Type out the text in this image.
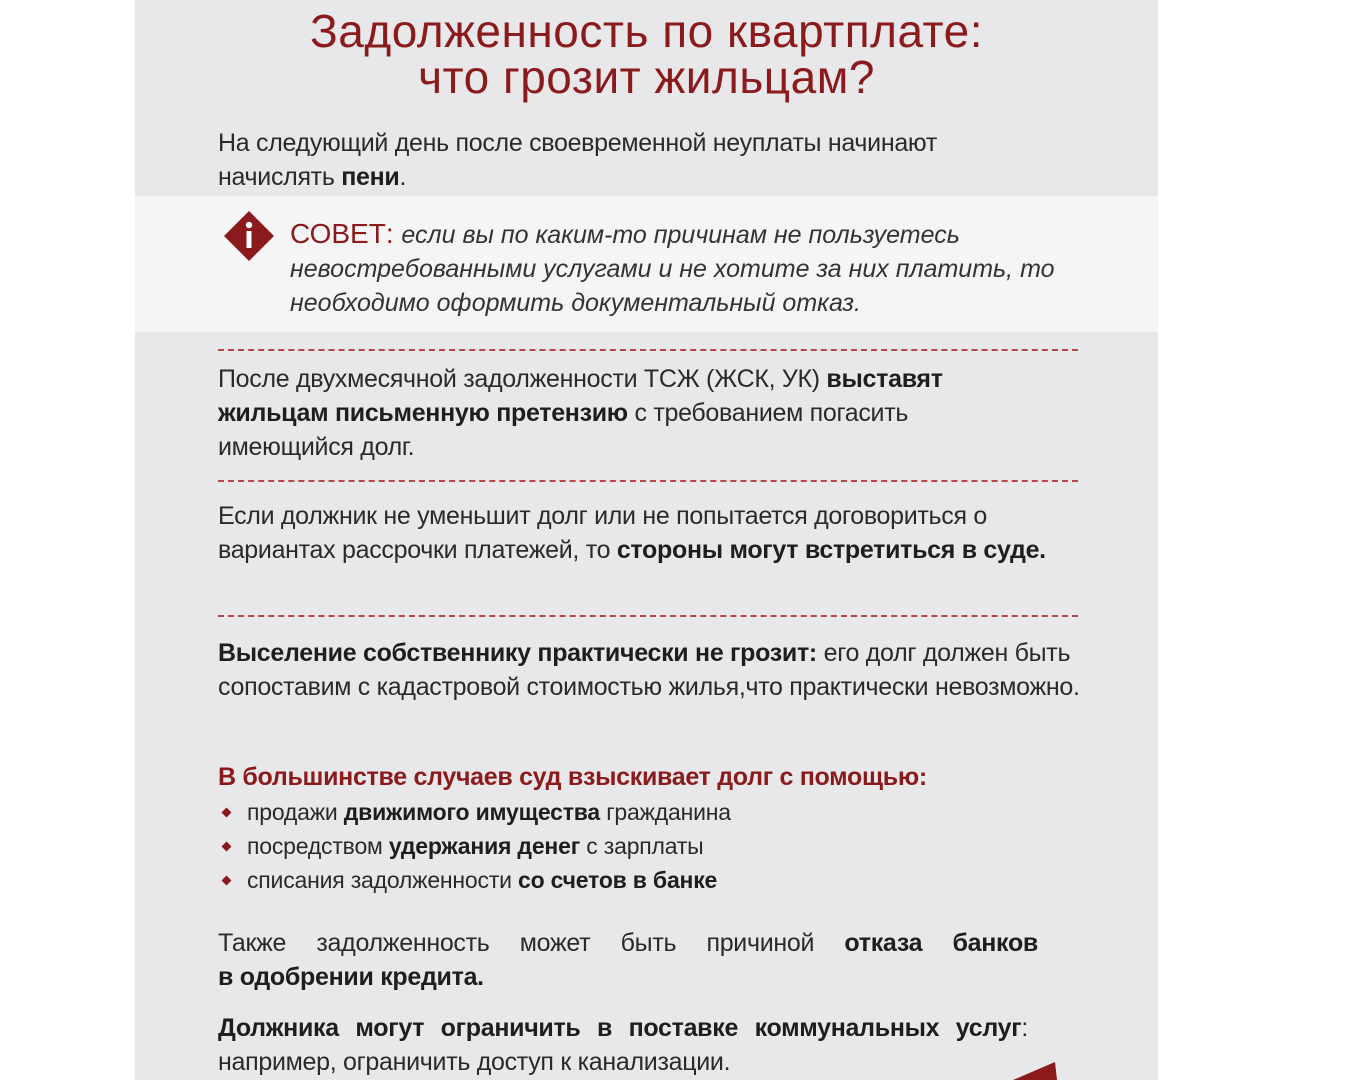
Задолженность по квартплате:
что грозит жильцам?
На следующий день после своевременной неуплаты начинают начислять пени.
СОВЕТ: если вы по каким-то причинам не пользуетесь невостребованными услугами и не хотите за них платить, то необходимо оформить документальный отказ.
После двухмесячной задолженности ТСЖ (ЖСК, УК) выставят жильцам письменную претензию с требованием погасить имеющийся долг.
Если должник не уменьшит долг или не попытается договориться о вариантах рассрочки платежей, то стороны могут встретиться в суде.
Выселение собственнику практически не грозит: его долг должен быть сопоставим с кадастровой стоимостью жилья,что практически невозможно.
В большинстве случаев суд взыскивает долг с помощью:
продажи движимого имущества гражданина
посредством удержания денег с зарплаты
списания задолженности со счетов в банке
Также задолженность может быть причиной отказа банков
в одобрении кредита.
Должника могут ограничить в поставке коммунальных услуг:
например, ограничить доступ к канализации.
